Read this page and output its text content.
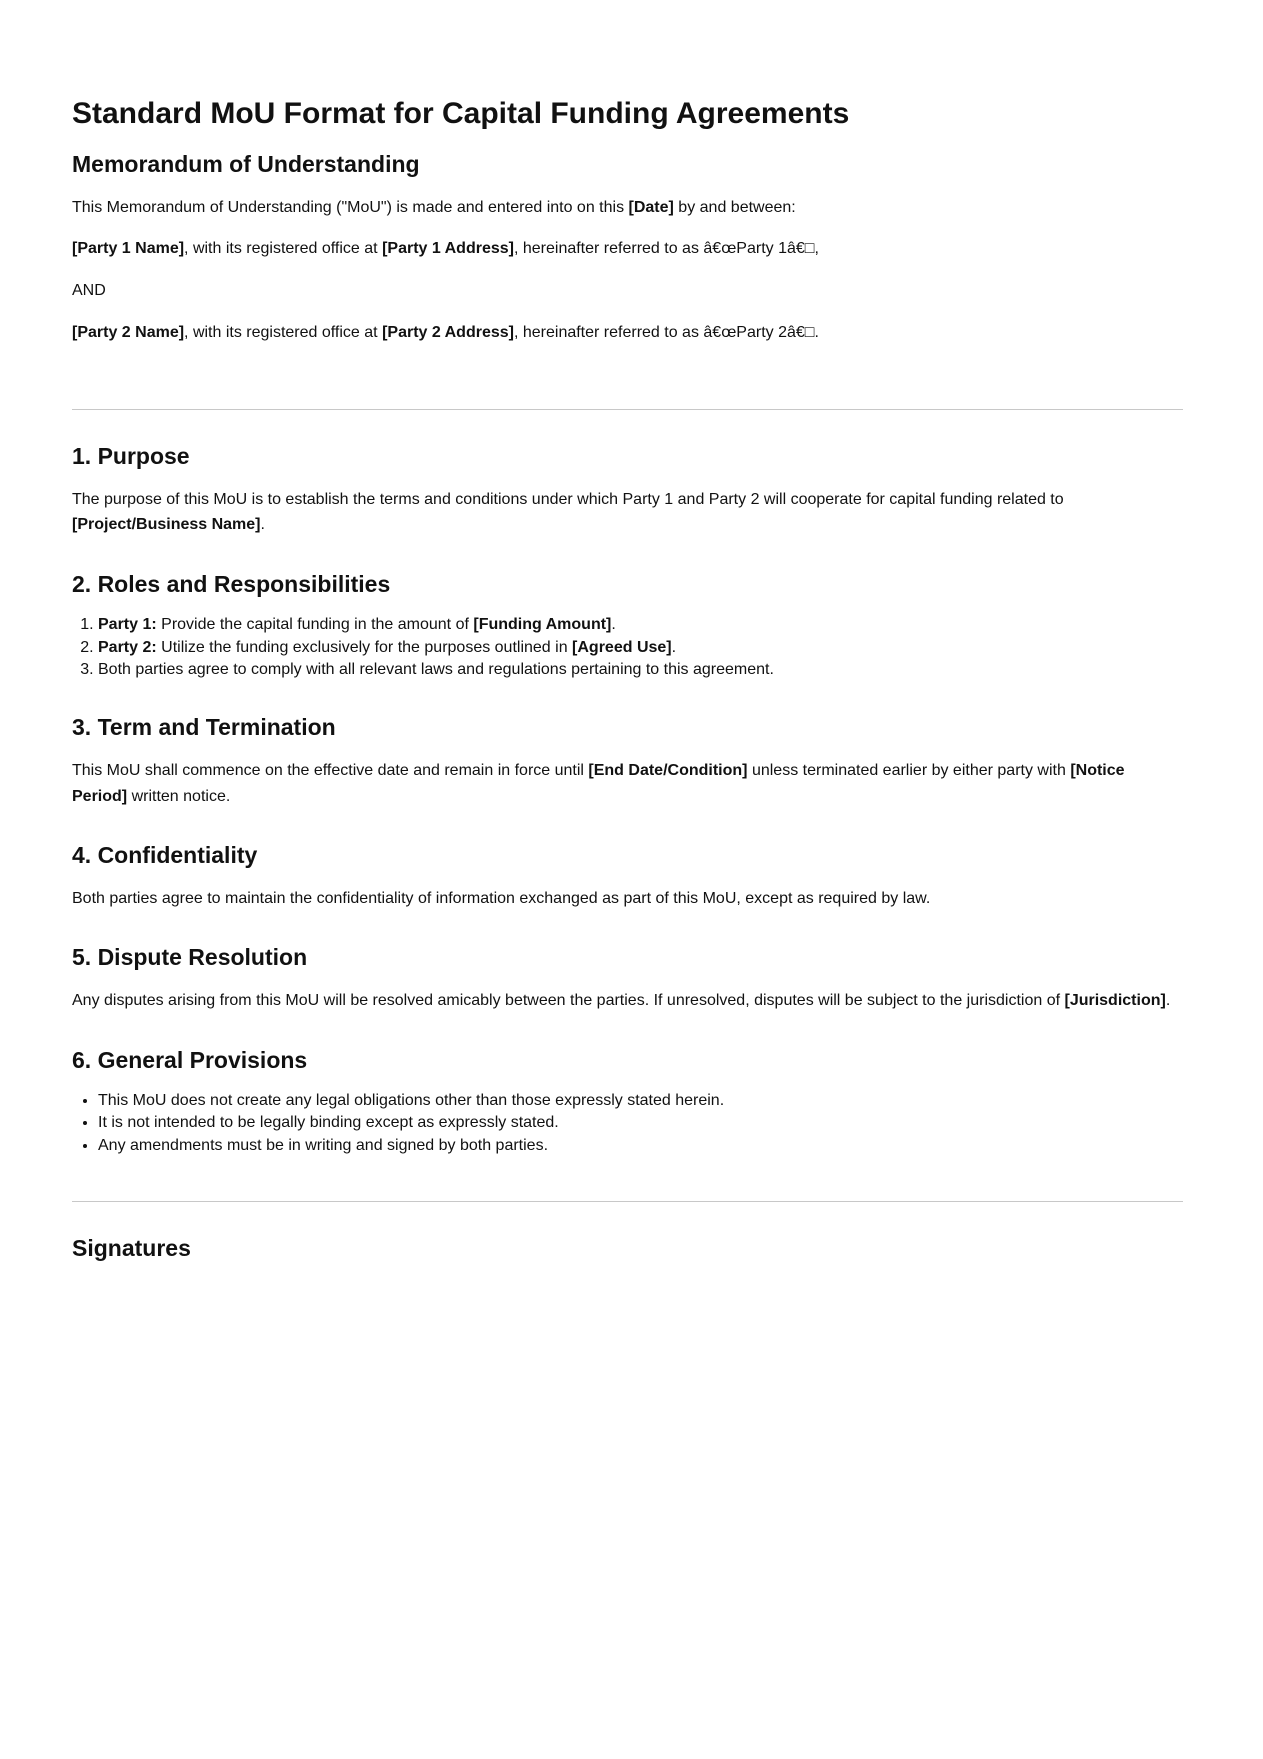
Standard MoU Format for Capital Funding Agreements
Memorandum of Understanding

This Memorandum of Understanding ("MoU") is made and entered into on this [Date] by and between:

[Party 1 Name], with its registered office at [Party 1 Address], hereinafter referred to as â€œParty 1â€□,

AND

[Party 2 Name], with its registered office at [Party 2 Address], hereinafter referred to as â€œParty 2â€□.

1. Purpose

The purpose of this MoU is to establish the terms and conditions under which Party 1 and Party 2 will cooperate for capital funding related to [Project/Business Name].

2. Roles and Responsibilities
1. Party 1: Provide the capital funding in the amount of [Funding Amount].
2. Party 2: Utilize the funding exclusively for the purposes outlined in [Agreed Use].
3. Both parties agree to comply with all relevant laws and regulations pertaining to this agreement.
3. Term and Termination

This MoU shall commence on the effective date and remain in force until [End Date/Condition] unless terminated earlier by either party with [Notice Period] written notice.

4. Confidentiality

Both parties agree to maintain the confidentiality of information exchanged as part of this MoU, except as required by law.

5. Dispute Resolution

Any disputes arising from this MoU will be resolved amicably between the parties. If unresolved, disputes will be subject to the jurisdiction of [Jurisdiction].

6. General Provisions
• This MoU does not create any legal obligations other than those expressly stated herein.
• It is not intended to be legally binding except as expressly stated.
• Any amendments must be in writing and signed by both parties.
Signatures
